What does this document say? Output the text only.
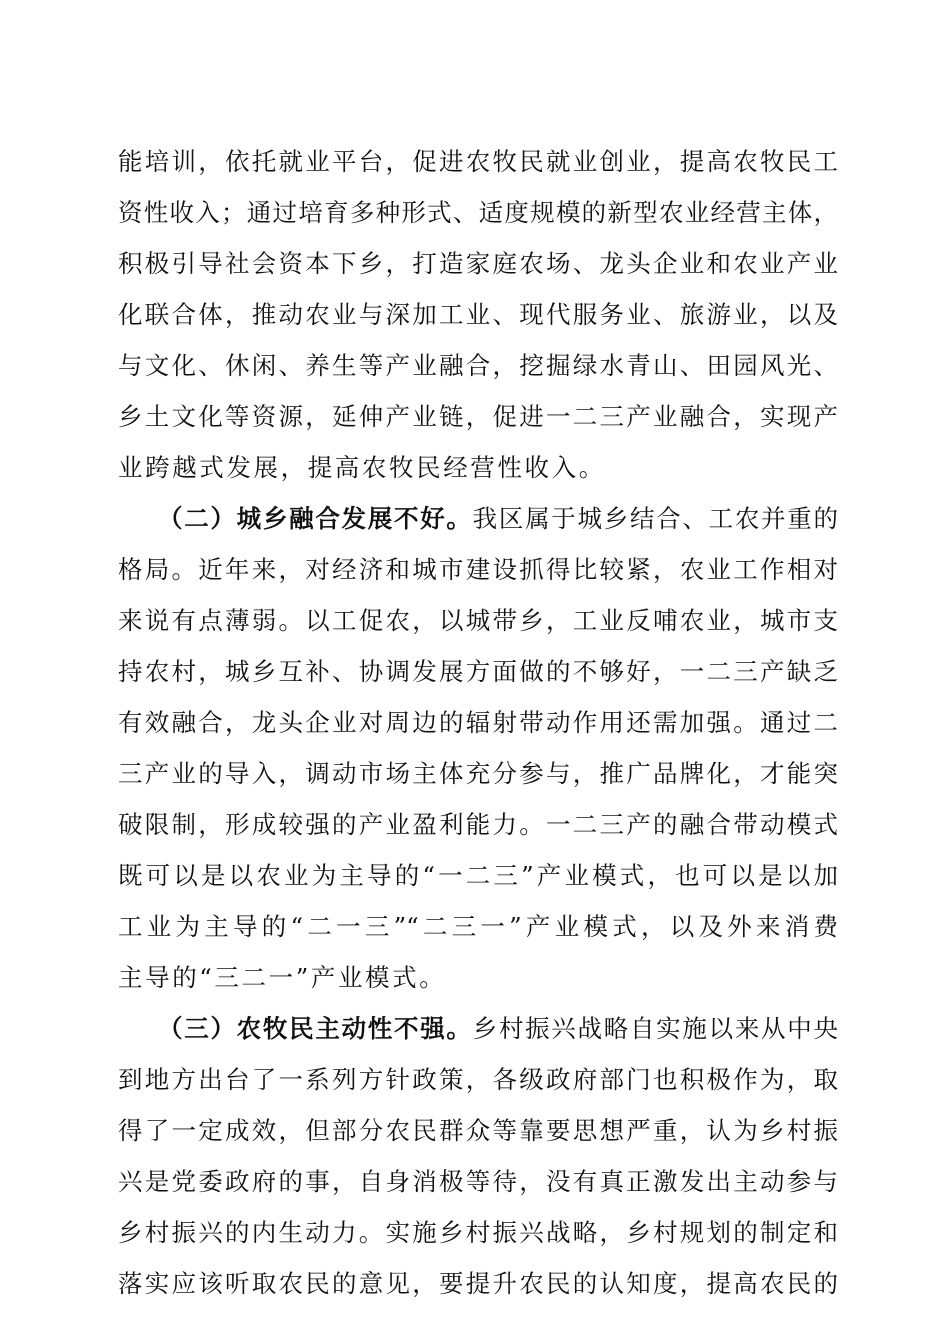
能培训，依托就业平台，促进农牧民就业创业，提高农牧民工
资性收入；通过培育多种形式、适度规模的新型农业经营主体，
积极引导社会资本下乡，打造家庭农场、龙头企业和农业产业
化联合体，推动农业与深加工业、现代服务业、旅游业，以及
与文化、休闲、养生等产业融合，挖掘绿水青山、田园风光、
乡土文化等资源，延伸产业链，促进一二三产业融合，实现产
业跨越式发展，提高农牧民经营性收入。
（二）城乡融合发展不好。我区属于城乡结合、工农并重的
格局。近年来，对经济和城市建设抓得比较紧，农业工作相对
来说有点薄弱。以工促农，以城带乡，工业反哺农业，城市支
持农村，城乡互补、协调发展方面做的不够好，一二三产缺乏
有效融合，龙头企业对周边的辐射带动作用还需加强。通过二
三产业的导入，调动市场主体充分参与，推广品牌化，才能突
破限制，形成较强的产业盈利能力。一二三产的融合带动模式
既可以是以农业为主导的“一二三”产业模式，也可以是以加
工业为主导的“二一三”“二三一”产业模式，以及外来消费
主导的“三二一”产业模式。
（三）农牧民主动性不强。乡村振兴战略自实施以来从中央
到地方出台了一系列方针政策，各级政府部门也积极作为，取
得了一定成效，但部分农民群众等靠要思想严重，认为乡村振
兴是党委政府的事，自身消极等待，没有真正激发出主动参与
乡村振兴的内生动力。实施乡村振兴战略，乡村规划的制定和
落实应该听取农民的意见，要提升农民的认知度，提高农民的
